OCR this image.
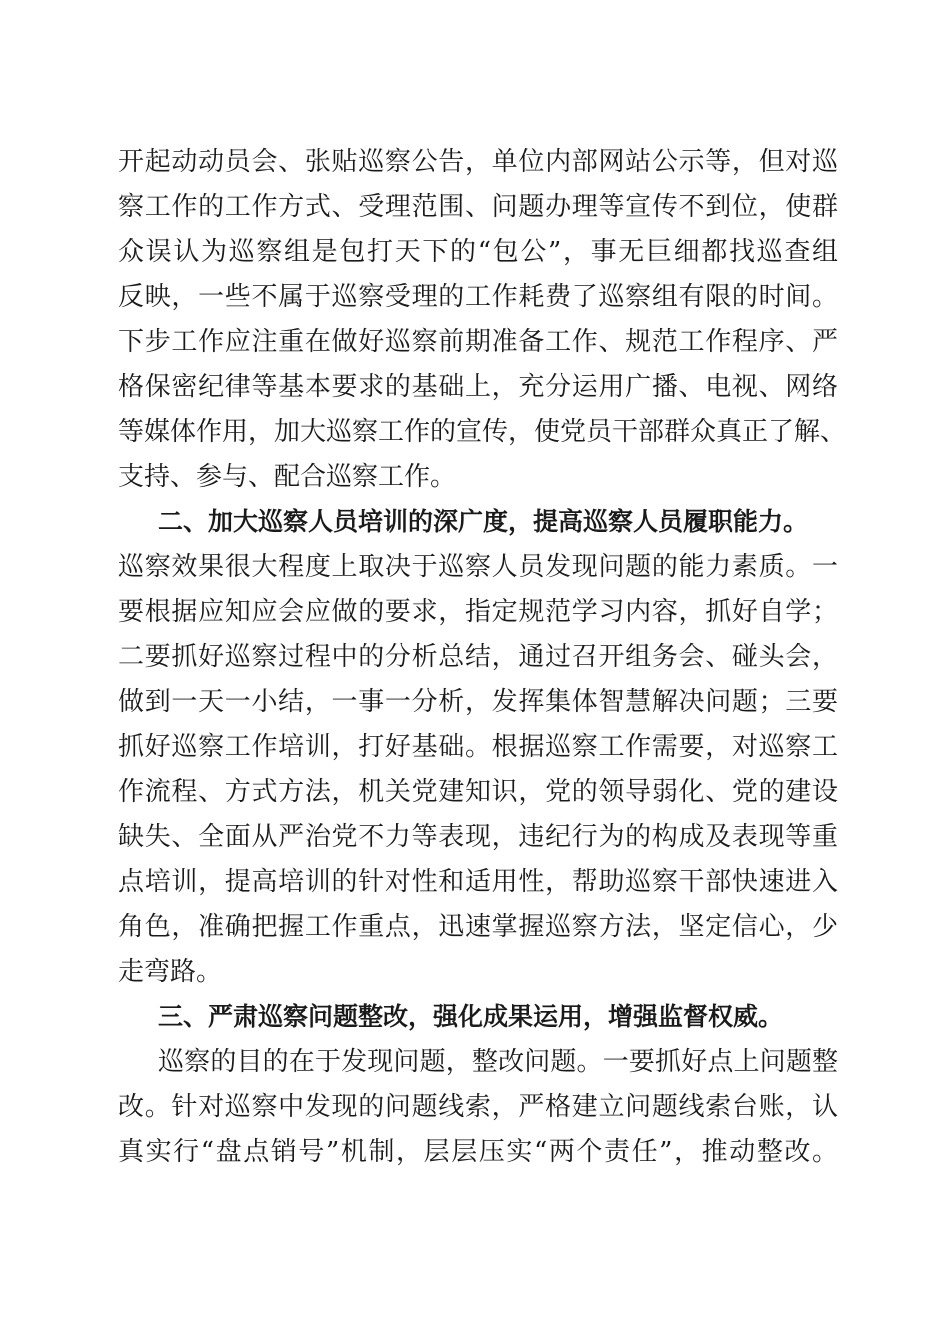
开起动动员会、张贴巡察公告，单位内部网站公示等，但对巡
察工作的工作方式、受理范围、问题办理等宣传不到位，使群
众误认为巡察组是包打天下的“包公”，事无巨细都找巡查组
反映，一些不属于巡察受理的工作耗费了巡察组有限的时间。
下步工作应注重在做好巡察前期准备工作、规范工作程序、严
格保密纪律等基本要求的基础上，充分运用广播、电视、网络
等媒体作用，加大巡察工作的宣传，使党员干部群众真正了解、
支持、参与、配合巡察工作。
二、加大巡察人员培训的深广度，提高巡察人员履职能力。
巡察效果很大程度上取决于巡察人员发现问题的能力素质。一
要根据应知应会应做的要求，指定规范学习内容，抓好自学；
二要抓好巡察过程中的分析总结，通过召开组务会、碰头会，
做到一天一小结，一事一分析，发挥集体智慧解决问题；三要
抓好巡察工作培训，打好基础。根据巡察工作需要，对巡察工
作流程、方式方法，机关党建知识，党的领导弱化、党的建设
缺失、全面从严治党不力等表现，违纪行为的构成及表现等重
点培训，提高培训的针对性和适用性，帮助巡察干部快速进入
角色，准确把握工作重点，迅速掌握巡察方法，坚定信心，少
走弯路。
三、严肃巡察问题整改，强化成果运用，增强监督权威。
巡察的目的在于发现问题，整改问题。一要抓好点上问题整
改。针对巡察中发现的问题线索，严格建立问题线索台账，认
真实行“盘点销号”机制，层层压实“两个责任”，推动整改。
